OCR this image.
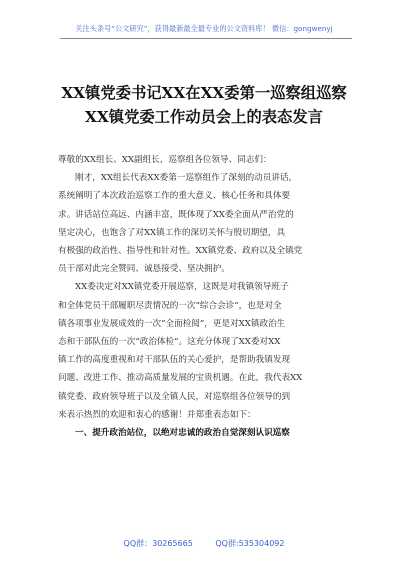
关注头条号“公文研究”，获得最新最全最专业的公文资料库！ 微信：gongwenyj
XX镇党委书记XX在XX委第一巡察组巡察
XX镇党委工作动员会上的表态发言

尊敬的XX组长、XX副组长，巡察组各位领导、同志们：

刚才，XX组长代表XX委第一巡察组作了深刻的动员讲话，
系统阐明了本次政治巡察工作的重大意义、核心任务和具体要
求。讲话站位高远、内涵丰富，既体现了XX委全面从严治党的
坚定决心，也饱含了对XX镇工作的深切关怀与殷切期望，具
有极强的政治性、指导性和针对性。XX镇党委、政府以及全镇党
员干部对此完全赞同、诚恳接受、坚决拥护。

XX委决定对XX镇党委开展巡察，这既是对我镇领导班子
和全体党员干部履职尽责情况的一次“综合会诊”，也是对全
镇各项事业发展成效的一次“全面检阅”，更是对XX镇政治生
态和干部队伍的一次“政治体检”。这充分体现了XX委对XX
镇工作的高度重视和对干部队伍的关心爱护，是帮助我镇发现
问题、改进工作、推动高质量发展的宝贵机遇。在此，我代表XX
镇党委、政府领导班子以及全镇人民，对巡察组各位领导的到
来表示热烈的欢迎和衷心的感谢！并郑重表态如下：

一、提升政治站位，以绝对忠诚的政治自觉深刻认识巡察

QQ群：30265665	QQ群:535304092
